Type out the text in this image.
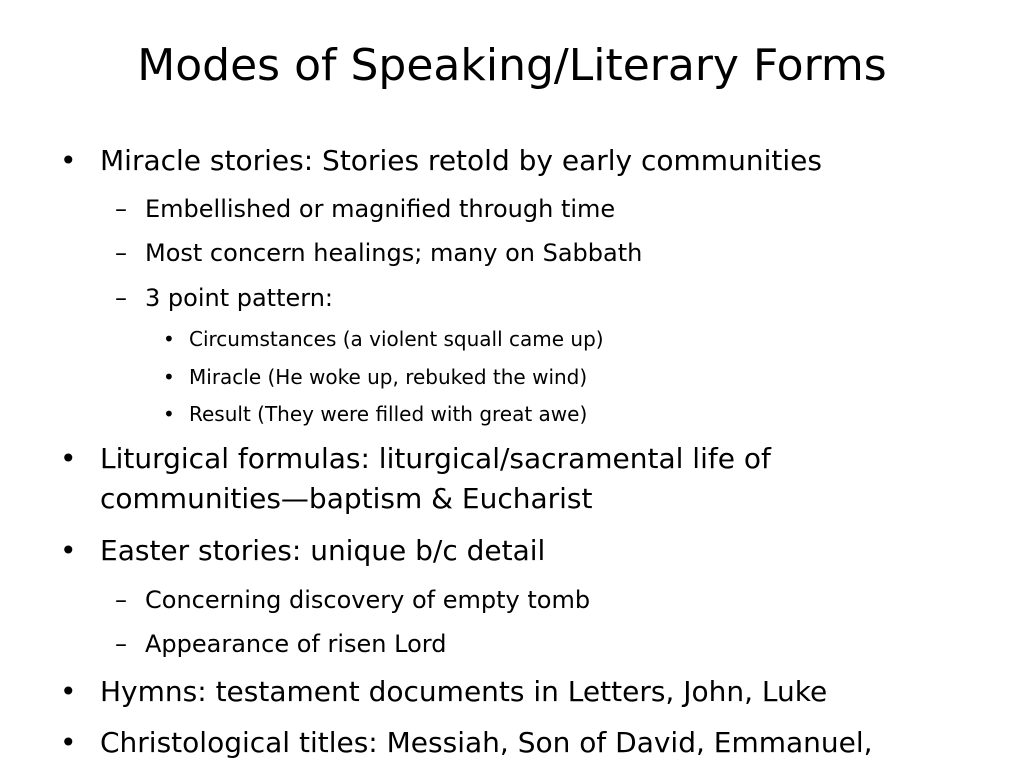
Modes of Speaking/Literary Forms
• Miracle stories: Stories retold by early communities
– Embellished or magnified through time
– Most concern healings; many on Sabbath
– 3 point pattern:
• Circumstances (a violent squall came up)
• Miracle (He woke up, rebuked the wind)
• Result (They were filled with great awe)
• Liturgical formulas: liturgical/sacramental life of
communities—baptism & Eucharist
• Easter stories: unique b/c detail
– Concerning discovery of empty tomb
– Appearance of risen Lord
• Hymns: testament documents in Letters, John, Luke
• Christological titles: Messiah, Son of David, Emmanuel,
